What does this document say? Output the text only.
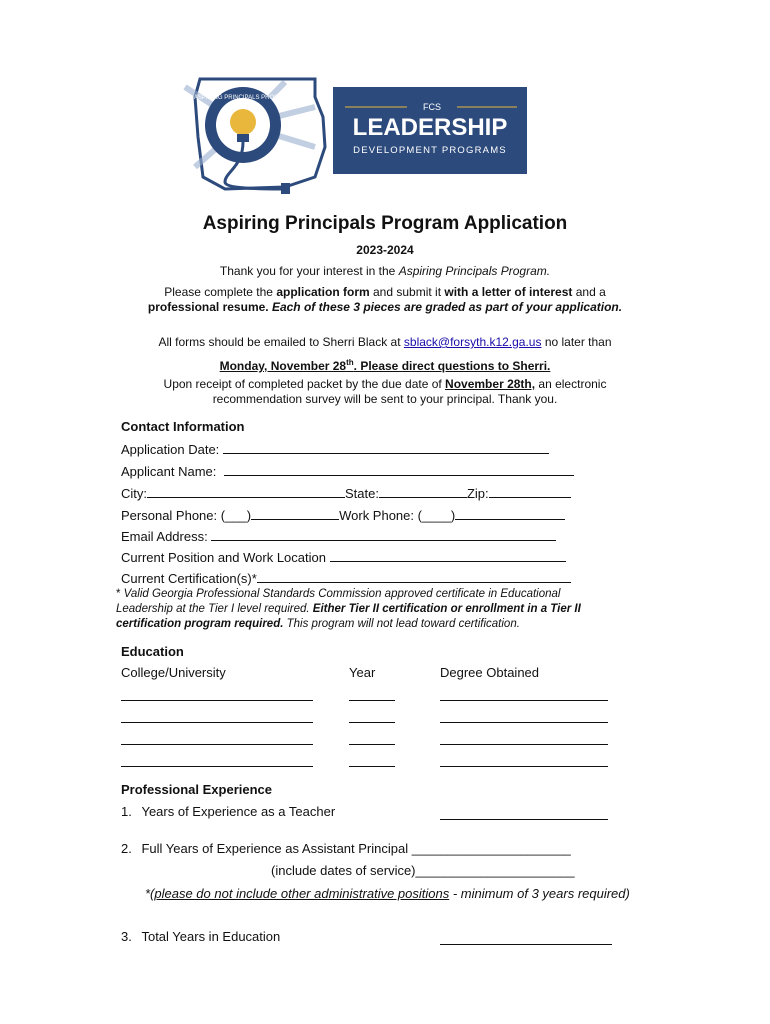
ASPIRING PRINCIPALS PROGRAM
FCS
LEADERSHIP
DEVELOPMENT PROGRAMS
Aspiring Principals Program Application
2023-2024
Thank you for your interest in the Aspiring Principals Program.
Please complete the application form and submit it with a letter of interest and a professional resume. Each of these 3 pieces are graded as part of your application.
All forms should be emailed to Sherri Black at sblack@forsyth.k12.ga.us no later than
Monday, November 28th. Please direct questions to Sherri.
Upon receipt of completed packet by the due date of November 28th, an electronic
recommendation survey will be sent to your principal. Thank you.
Contact Information
Application Date:
Applicant Name:
City:	State:	Zip:
Personal Phone: (___)	Work Phone: (____)
Email Address:
Current Position and Work Location
Current Certification(s)*
* Valid Georgia Professional Standards Commission approved certificate in Educational Leadership at the Tier I level required. Either Tier II certification or enrollment in a Tier II certification program required. This program will not lead toward certification.
Education
College/University	Year	Degree Obtained
Professional Experience
1. Years of Experience as a Teacher
2. Full Years of Experience as Assistant Principal ______________________
(include dates of service)______________________
*(please do not include other administrative positions - minimum of 3 years required)
3. Total Years in Education
